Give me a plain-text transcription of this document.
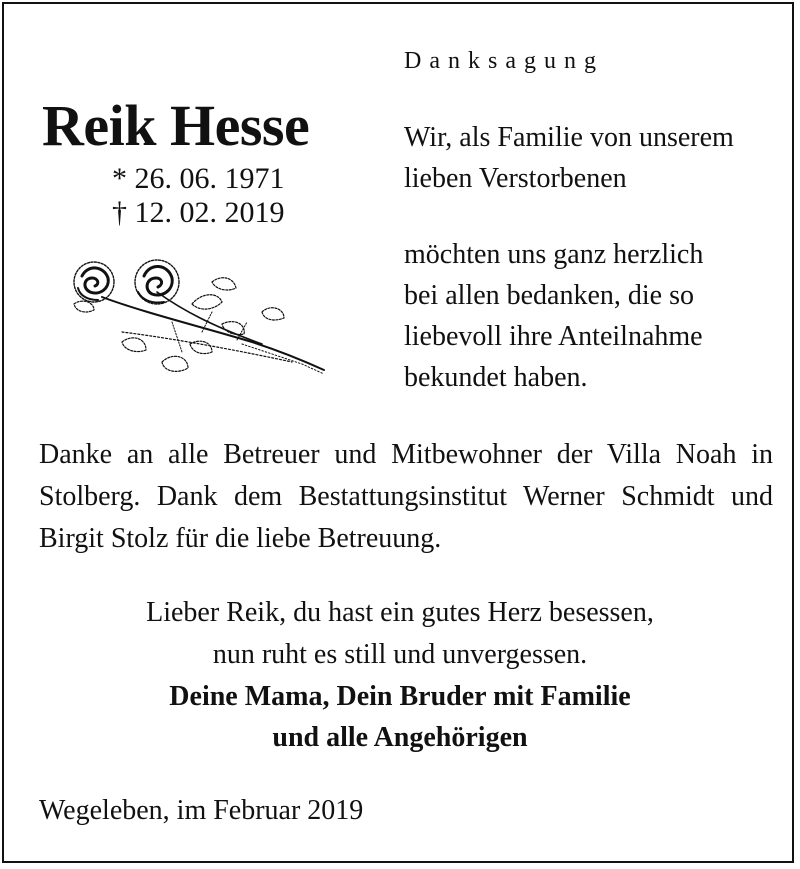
Danksagung
Reik Hesse
* 26. 06. 1971
† 12. 02. 2019
Wir, als Familie von unserem
lieben Verstorbenen
möchten uns ganz herzlich
bei allen bedanken, die so
liebevoll ihre Anteilnahme
bekundet haben.
Danke an alle Betreuer und Mitbewohner der Villa Noah in Stolberg. Dank dem Bestattungsinstitut Werner Schmidt und Birgit Stolz für die liebe Betreuung.
Lieber Reik, du hast ein gutes Herz besessen,
nun ruht es still und unvergessen.
Deine Mama, Dein Bruder mit Familie
und alle Angehörigen
Wegeleben, im Februar 2019
